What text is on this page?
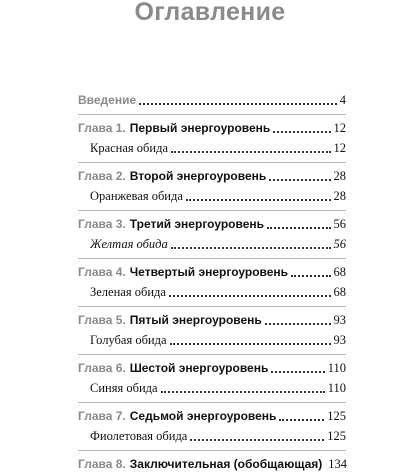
Оглавление
Введение	4
Глава 1. Первый энергоуровень	12
Красная обида	12
Глава 2. Второй энергоуровень	28
Оранжевая обида	28
Глава 3. Третий энергоуровень	56
Желтая обида	56
Глава 4. Четвертый энергоуровень	68
Зеленая обида	68
Глава 5. Пятый энергоуровень	93
Голубая обида	93
Глава 6. Шестой энергоуровень	110
Синяя обида	110
Глава 7. Седьмой энергоуровень	125
Фиолетовая обида	125
Глава 8. Заключительная (обобщающая) 134
